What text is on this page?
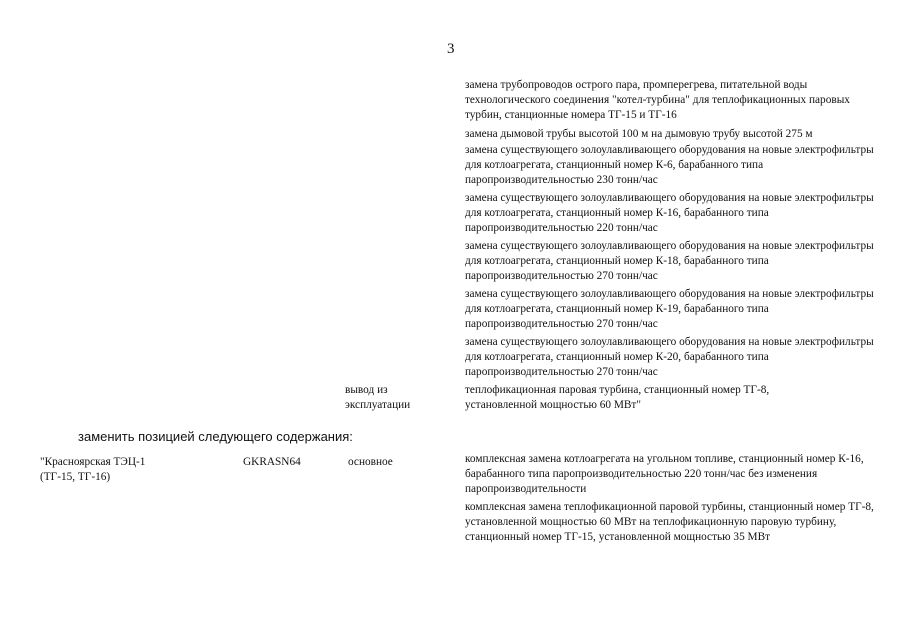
3

замена трубопроводов острого пара, промперегрева, питательной воды технологического соединения "котел-турбина" для теплофикационных паровых турбин, станционные номера ТГ-15 и ТГ-16

замена дымовой трубы высотой 100 м на дымовую трубу высотой 275 м

замена существующего золоулавливающего оборудования на новые электрофильтры для котлоагрегата, станционный номер К-6, барабанного типа паропроизводительностью 230 тонн/час

замена существующего золоулавливающего оборудования на новые электрофильтры для котлоагрегата, станционный номер К-16, барабанного типа паропроизводительностью 220 тонн/час

замена существующего золоулавливающего оборудования на новые электрофильтры для котлоагрегата, станционный номер К-18, барабанного типа паропроизводительностью 270 тонн/час

замена существующего золоулавливающего оборудования на новые электрофильтры для котлоагрегата, станционный номер К-19, барабанного типа паропроизводительностью 270 тонн/час

замена существующего золоулавливающего оборудования на новые электрофильтры для котлоагрегата, станционный номер К-20, барабанного типа паропроизводительностью 270 тонн/час

вывод из эксплуатации

теплофикационная паровая турбина, станционный номер ТГ-8, установленной мощностью 60 МВт"

заменить позицией следующего содержания:
"Красноярская ТЭЦ-1 (ТГ-15, ТГ-16)
GKRASN64	основное	комплексная замена котлоагрегата на угольном топливе, станционный номер К-16, барабанного типа паропроизводительностью 220 тонн/час без изменения паропроизводительности

комплексная замена теплофикационной паровой турбины, станционный номер ТГ-8, установленной мощностью 60 МВт на теплофикационную паровую турбину, станционный номер ТГ-15, установленной мощностью 35 МВт
